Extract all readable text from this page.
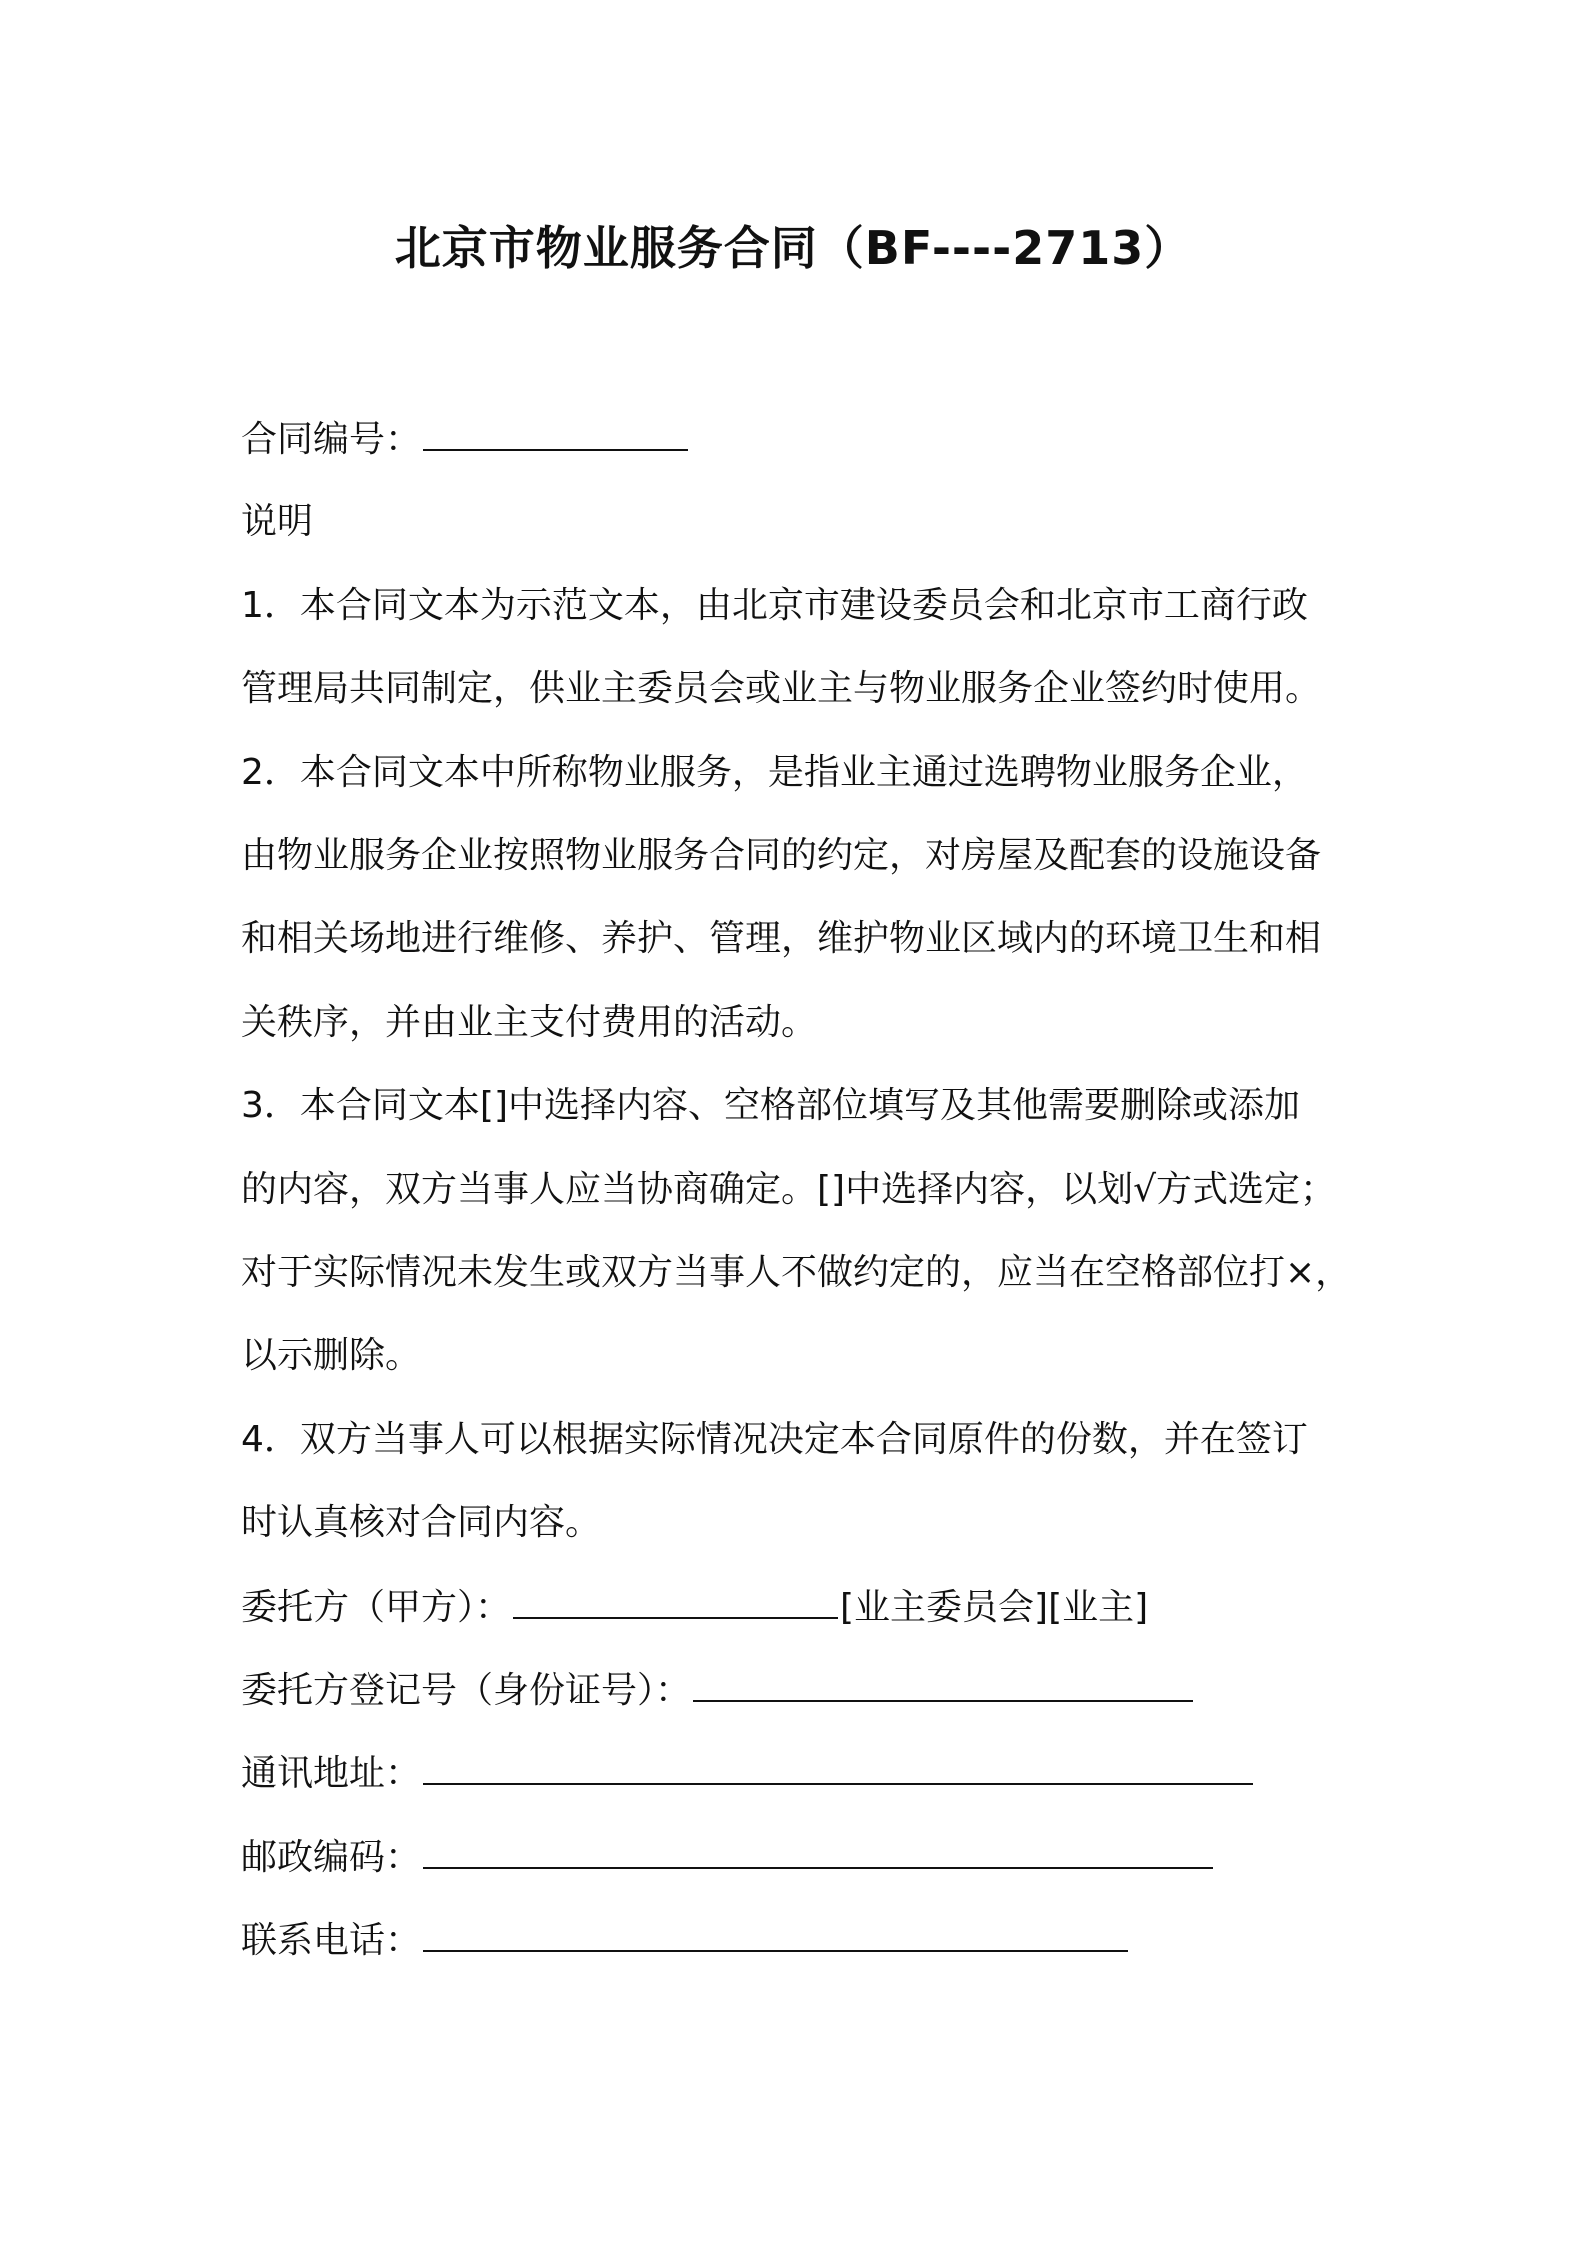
北京市物业服务合同（BF----2713）
合同编号：
说明
1．本合同文本为示范文本，由北京市建设委员会和北京市工商行政
管理局共同制定，供业主委员会或业主与物业服务企业签约时使用。
2．本合同文本中所称物业服务，是指业主通过选聘物业服务企业，
由物业服务企业按照物业服务合同的约定，对房屋及配套的设施设备
和相关场地进行维修、养护、管理，维护物业区域内的环境卫生和相
关秩序，并由业主支付费用的活动。
3．本合同文本[]中选择内容、空格部位填写及其他需要删除或添加
的内容，双方当事人应当协商确定。[]中选择内容，以划√方式选定；
对于实际情况未发生或双方当事人不做约定的，应当在空格部位打×，
以示删除。
4．双方当事人可以根据实际情况决定本合同原件的份数，并在签订
时认真核对合同内容。
委托方（甲方）：	[业主委员会][业主]
委托方登记号（身份证号）：
通讯地址：
邮政编码：
联系电话：
